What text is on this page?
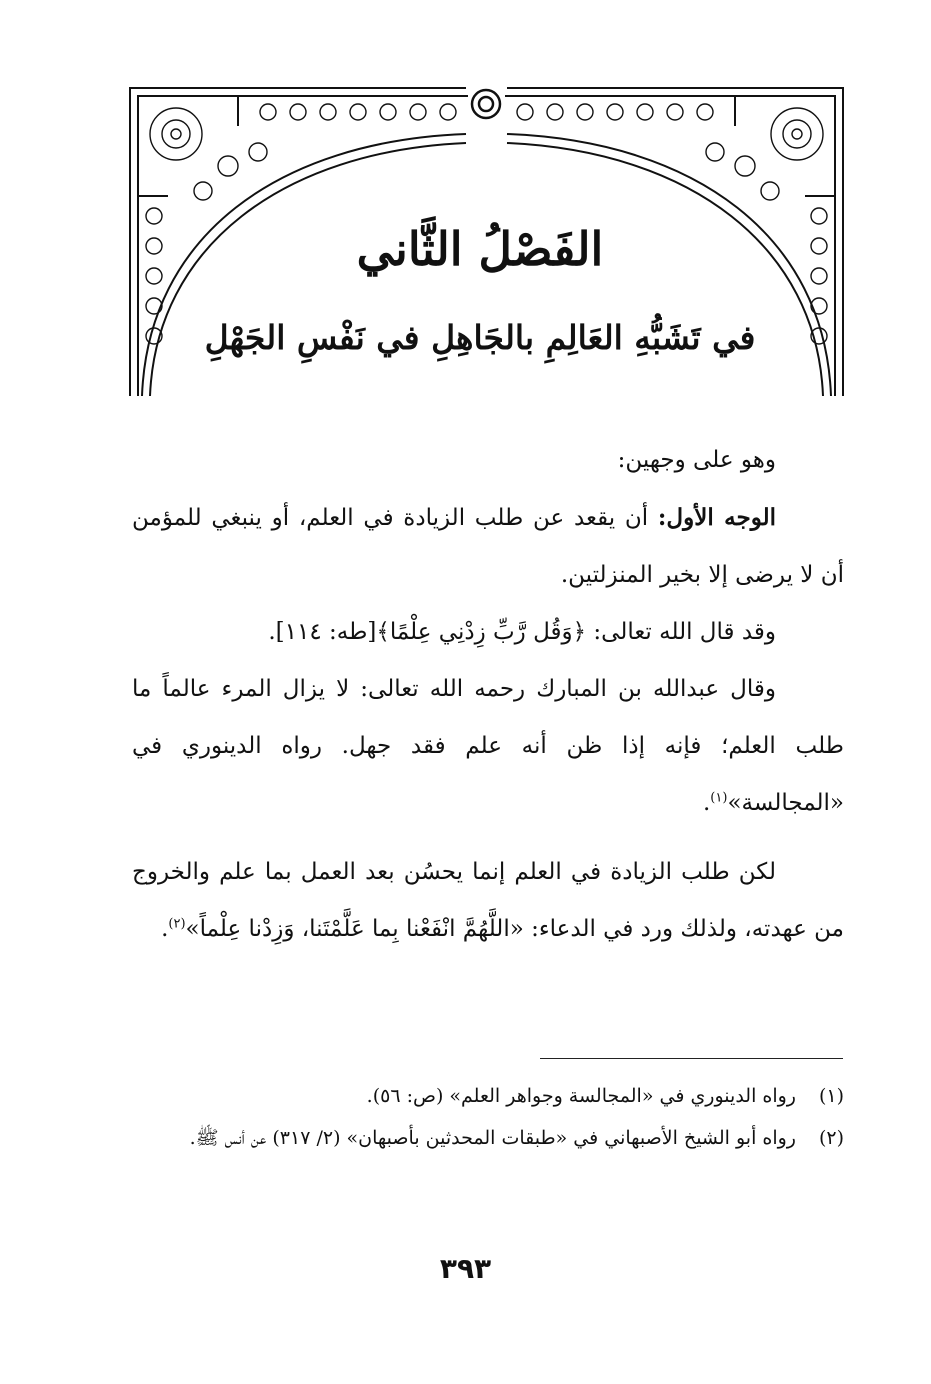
الفَصْلُ الثَّاني
في تَشَبُّهِ العَالِمِ بالجَاهِلِ في نَفْسِ الجَهْلِ

وهو على وجهين:

الوجه الأول: أن يقعد عن طلب الزيادة في العلم، أو ينبغي للمؤمن أن لا يرضى إلا بخير المنزلتين.

وقد قال الله تعالى: ﴿وَقُل رَّبِّ زِدْنِي عِلْمًا﴾[طه: ١١٤].

وقال عبدالله بن المبارك رحمه الله تعالى: لا يزال المرء عالماً ما طلب العلم؛ فإنه إذا ظن أنه علم فقد جهل. رواه الدينوري في «المجالسة»$^{(١)}$.

لكن طلب الزيادة في العلم إنما يحسُن بعد العمل بما علم والخروج من عهدته، ولذلك ورد في الدعاء: «اللَّهُمَّ انْفَعْنا بِما عَلَّمْتَنا، وَزِدْنا عِلْماً»$^{(٢)}$.

(١)
رواه الدينوري في «المجالسة وجواهر العلم» (ص: ٥٦).
(٢)
رواه أبو الشيخ الأصبهاني في «طبقات المحدثين بأصبهان» (٢/ ٣١٧) عن أنس ﷺ.
٣٩٣
